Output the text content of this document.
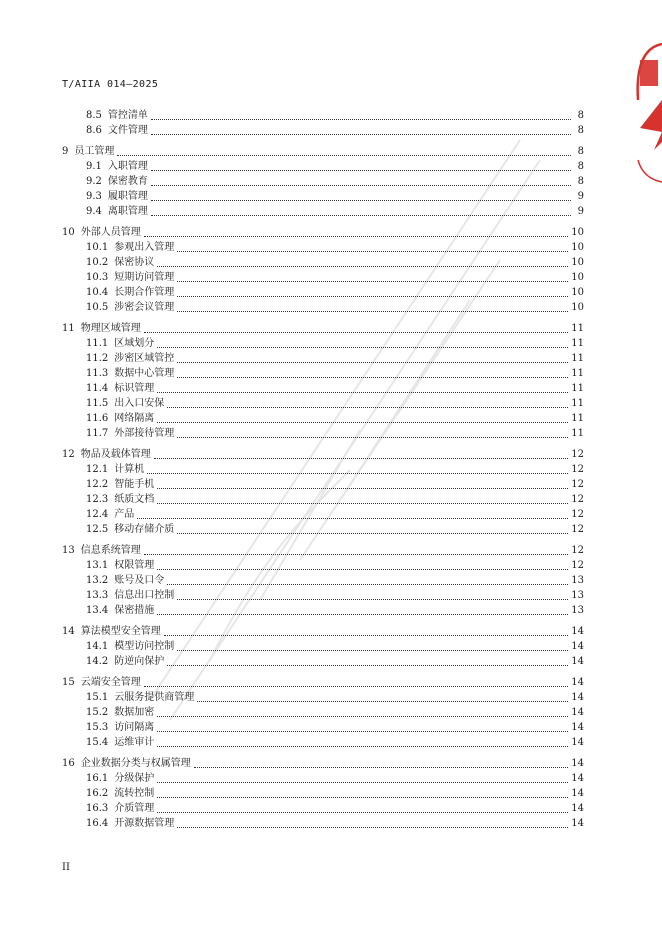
T/AIIA 014—2025
8.5 管控清单	8
8.6 文件管理	8
9 员工管理	8
9.1 入职管理	8
9.2 保密教育	8
9.3 履职管理	9
9.4 离职管理	9
10 外部人员管理	10
10.1 参观出入管理	10
10.2 保密协议	10
10.3 短期访问管理	10
10.4 长期合作管理	10
10.5 涉密会议管理	10
11 物理区域管理	11
11.1 区域划分	11
11.2 涉密区域管控	11
11.3 数据中心管理	11
11.4 标识管理	11
11.5 出入口安保	11
11.6 网络隔离	11
11.7 外部接待管理	11
12 物品及载体管理	12
12.1 计算机	12
12.2 智能手机	12
12.3 纸质文档	12
12.4 产品	12
12.5 移动存储介质	12
13 信息系统管理	12
13.1 权限管理	12
13.2 账号及口令	13
13.3 信息出口控制	13
13.4 保密措施	13
14 算法模型安全管理	14
14.1 模型访问控制	14
14.2 防逆向保护	14
15 云端安全管理	14
15.1 云服务提供商管理	14
15.2 数据加密	14
15.3 访问隔离	14
15.4 运维审计	14
16 企业数据分类与权属管理	14
16.1 分级保护	14
16.2 流转控制	14
16.3 介质管理	14
16.4 开源数据管理	14
II
